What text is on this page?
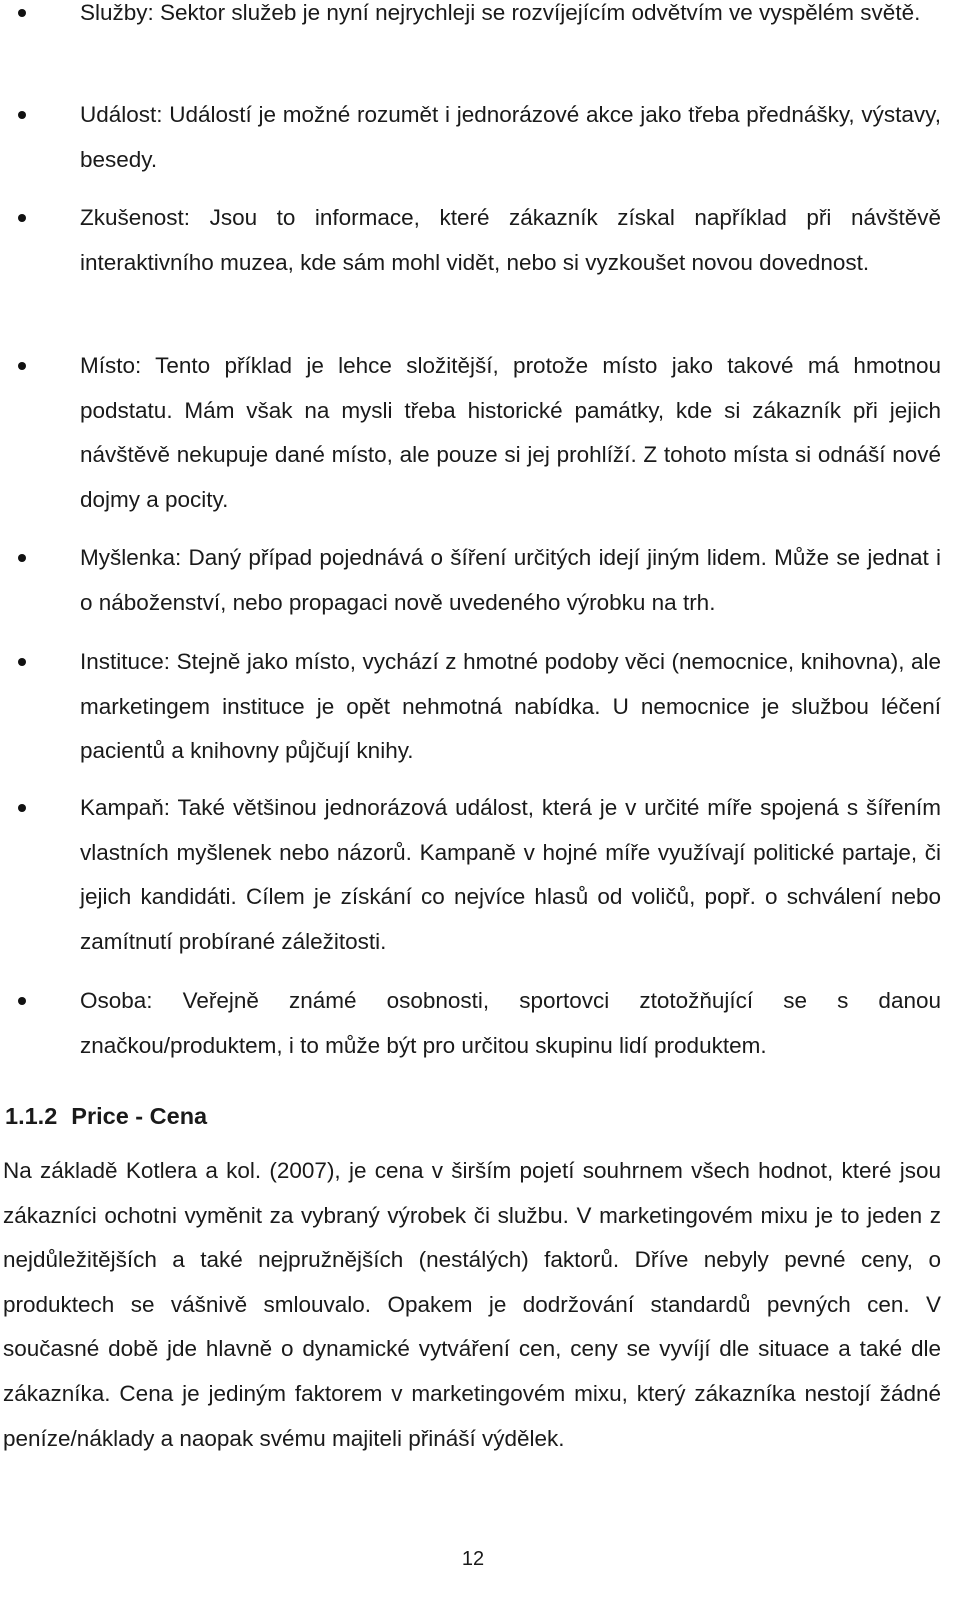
Služby: Sektor služeb je nyní nejrychleji se rozvíjejícím odvětvím ve vyspělém světě.
Událost: Událostí je možné rozumět i jednorázové akce jako třeba přednášky, výstavy, besedy.
Zkušenost: Jsou to informace, které zákazník získal například při návštěvě interaktivního muzea, kde sám mohl vidět, nebo si vyzkoušet novou dovednost.
Místo: Tento příklad je lehce složitější, protože místo jako takové má hmotnou podstatu. Mám však na mysli třeba historické památky, kde si zákazník při jejich návštěvě nekupuje dané místo, ale pouze si jej prohlíží. Z tohoto místa si odnáší nové dojmy a pocity.
Myšlenka: Daný případ pojednává o šíření určitých idejí jiným lidem. Může se jednat i o náboženství, nebo propagaci nově uvedeného výrobku na trh.
Instituce: Stejně jako místo, vychází z hmotné podoby věci (nemocnice, knihovna), ale marketingem instituce je opět nehmotná nabídka. U nemocnice je službou léčení pacientů a knihovny půjčují knihy.
Kampaň: Také většinou jednorázová událost, která je v určité míře spojená s šířením vlastních myšlenek nebo názorů. Kampaně v hojné míře využívají politické partaje, či jejich kandidáti. Cílem je získání co nejvíce hlasů od voličů, popř. o schválení nebo zamítnutí probírané záležitosti.
Osoba: Veřejně známé osobnosti, sportovci ztotožňující se s danou značkou/produktem, i to může být pro určitou skupinu lidí produktem.
1.1.2 Price - Cena

Na základě Kotlera a kol. (2007), je cena v širším pojetí souhrnem všech hodnot, které jsou zákazníci ochotni vyměnit za vybraný výrobek či službu. V marketingovém mixu je to jeden z nejdůležitějších a také nejpružnějších (nestálých) faktorů. Dříve nebyly pevné ceny, o produktech se vášnivě smlouvalo. Opakem je dodržování standardů pevných cen. V současné době jde hlavně o dynamické vytváření cen, ceny se vyvíjí dle situace a také dle zákazníka. Cena je jediným faktorem v marketingovém mixu, který zákazníka nestojí žádné peníze/náklady a naopak svému majiteli přináší výdělek.

12
